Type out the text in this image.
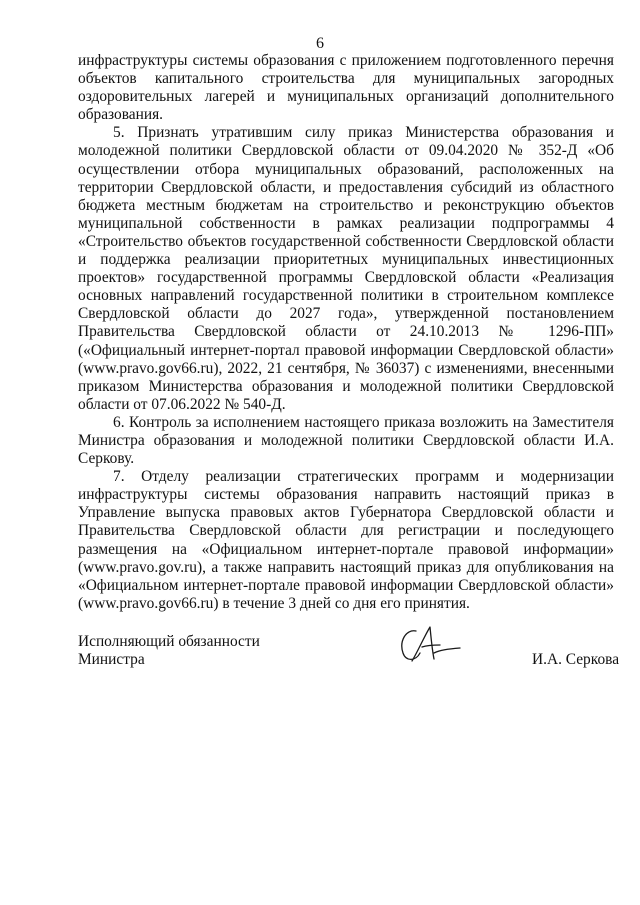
6

инфраструктуры системы образования с приложением подготовленного перечня объектов капитального строительства для муниципальных загородных оздоровительных лагерей и муниципальных организаций дополнительного образования.

5. Признать утратившим силу приказ Министерства образования и молодежной политики Свердловской области от 09.04.2020 № 352-Д «Об осуществлении отбора муниципальных образований, расположенных на территории Свердловской области, и предоставления субсидий из областного бюджета местным бюджетам на строительство и реконструкцию объектов муниципальной собственности в рамках реализации подпрограммы 4 «Строительство объектов государственной собственности Свердловской области и поддержка реализации приоритетных муниципальных инвестиционных проектов» государственной программы Свердловской области «Реализация основных направлений государственной политики в строительном комплексе Свердловской области до 2027 года», утвержденной постановлением Правительства Свердловской области от 24.10.2013 № 1296-ПП» («Официальный интернет-портал правовой информации Свердловской области» (www.pravo.gov66.ru), 2022, 21 сентября, № 36037) с изменениями, внесенными приказом Министерства образования и молодежной политики Свердловской области от 07.06.2022 № 540-Д.

6. Контроль за исполнением настоящего приказа возложить на Заместителя Министра образования и молодежной политики Свердловской области И.А. Серкову.

7. Отделу реализации стратегических программ и модернизации инфраструктуры системы образования направить настоящий приказ в Управление выпуска правовых актов Губернатора Свердловской области и Правительства Свердловской области для регистрации и последующего размещения на «Официальном интернет-портале правовой информации» (www.pravo.gov.ru), а также направить настоящий приказ для опубликования на «Официальном интернет-портале правовой информации Свердловской области» (www.pravo.gov66.ru) в течение 3 дней со дня его принятия.

Исполняющий обязанности
Министра	И.А. Серкова
